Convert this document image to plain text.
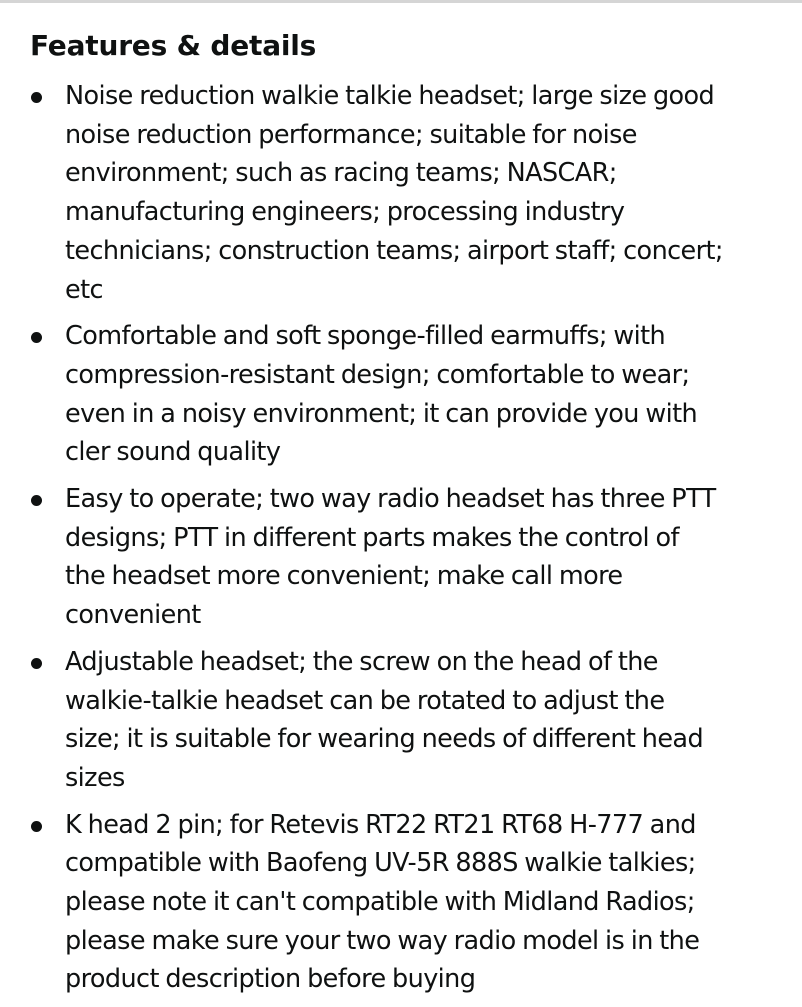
Features & details
Noise reduction walkie talkie headset; large size good
noise reduction performance; suitable for noise
environment; such as racing teams; NASCAR;
manufacturing engineers; processing industry
technicians; construction teams; airport staff; concert;
etc
Comfortable and soft sponge-filled earmuffs; with
compression-resistant design; comfortable to wear;
even in a noisy environment; it can provide you with
cler sound quality
Easy to operate; two way radio headset has three PTT
designs; PTT in different parts makes the control of
the headset more convenient; make call more
convenient
Adjustable headset; the screw on the head of the
walkie-talkie headset can be rotated to adjust the
size; it is suitable for wearing needs of different head
sizes
K head 2 pin; for Retevis RT22 RT21 RT68 H-777 and
compatible with Baofeng UV-5R 888S walkie talkies;
please note it can't compatible with Midland Radios;
please make sure your two way radio model is in the
product description before buying
